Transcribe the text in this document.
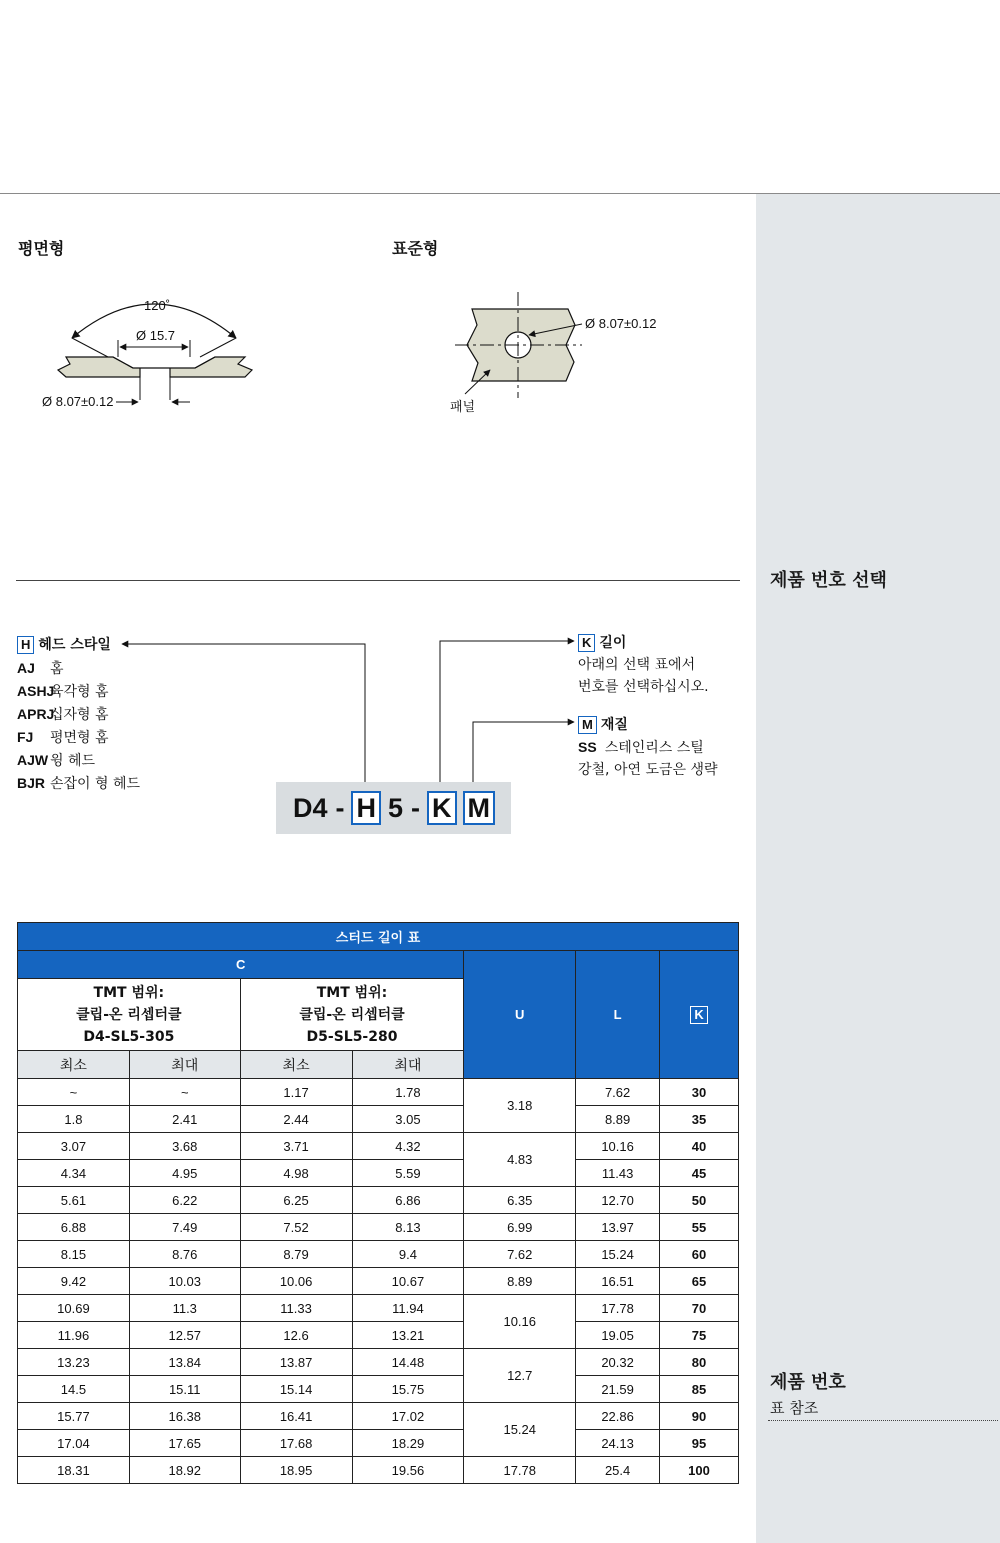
평면형	표준형
120˚
Ø 15.7
Ø 8.07±0.12
Ø 8.07±0.12
패널
제품 번호 선택
제품 번호
표 참조
H 헤드 스타일
AJ 홈
ASHJ육각형 홈
APRJ십자형 홈
FJ 평면형 홈
AJW 윙 헤드
BJR 손잡이 형 헤드
K 길이
아래의 선택 표에서
번호를 선택하십시오.
M 재질
SS 스테인리스 스틸
강철, 아연 도금은 생략
D4 - H 5 - K M
스터드 길이 표						
C				U	L	K

TMT 범위:
클립-온 리셉터클
D4-SL5-305		TMT 범위:
클립-온 리셉터클
D5-SL5-280				

최소	최대	최소	최대			
~	~	1.17	1.78	3.18	7.62	30
1.8	2.41	2.44	3.05		8.89	35
3.07	3.68	3.71	4.32	4.83	10.16	40
4.34	4.95	4.98	5.59		11.43	45
5.61	6.22	6.25	6.86	6.35	12.70	50
6.88	7.49	7.52	8.13	6.99	13.97	55
8.15	8.76	8.79	9.4	7.62	15.24	60
9.42	10.03	10.06	10.67	8.89	16.51	65
10.69	11.3	11.33	11.94	10.16	17.78	70
11.96	12.57	12.6	13.21		19.05	75
13.23	13.84	13.87	14.48	12.7	20.32	80
14.5	15.11	15.14	15.75		21.59	85
15.77	16.38	16.41	17.02	15.24	22.86	90
17.04	17.65	17.68	18.29		24.13	95
18.31	18.92	18.95	19.56	17.78	25.4	100
